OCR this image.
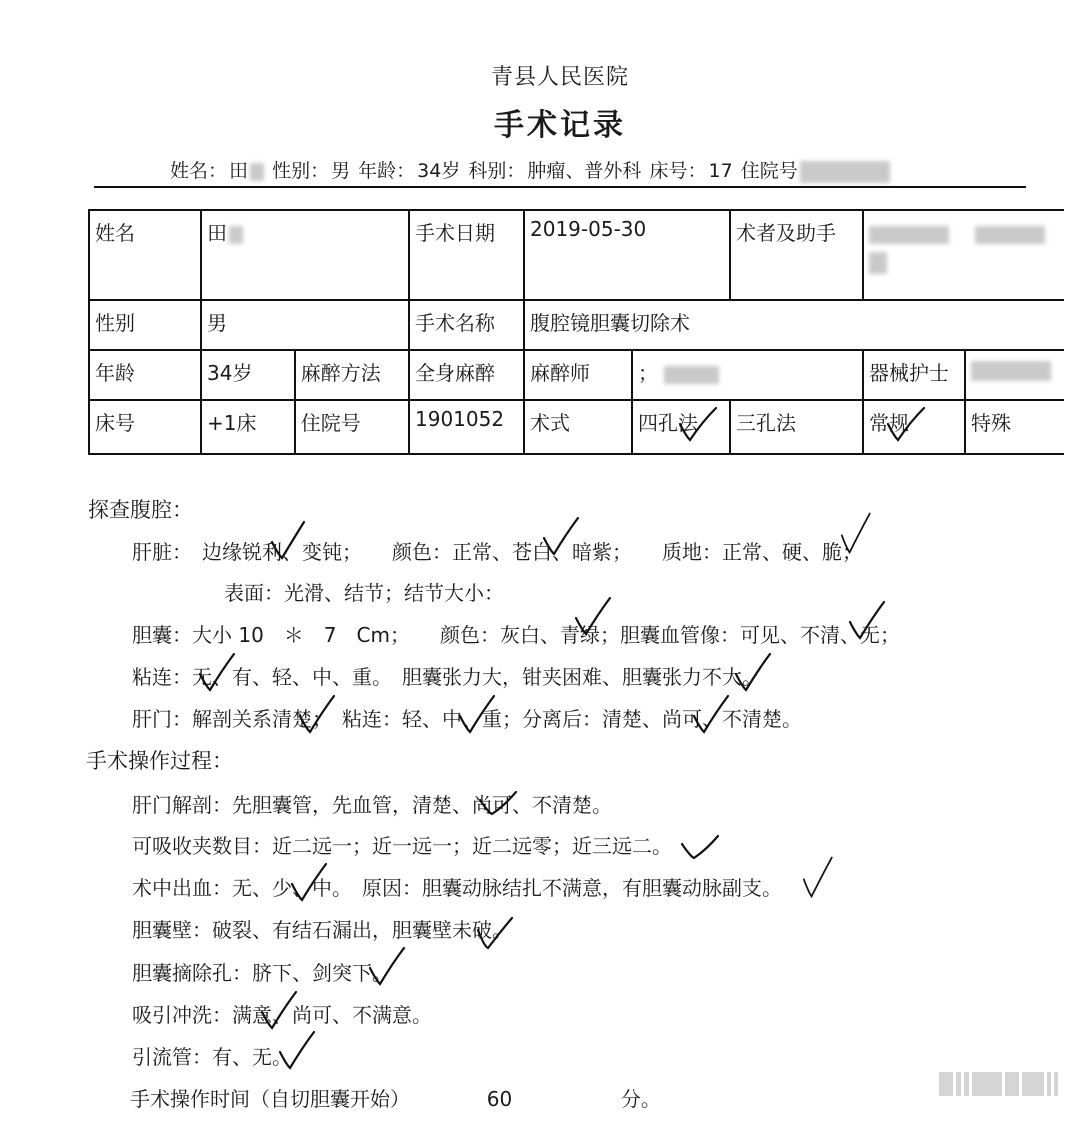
青县人民医院
手术记录
姓名： 田 性别： 男 年龄： 34岁 科别： 肿瘤、普外科 床号： 17 住院号
姓名	田		手术日期	2019-05-30		术者及助手		
性别	男		手术名称	腹腔镜胆囊切除术				
年龄	34岁	麻醉方法	全身麻醉	麻醉师	；		器械护士	
床号	+1床	住院号	1901052	术式	四孔法	三孔法	常规	特殊
探查腹腔：
肝脏：　边缘锐利、变钝；　　颜色：正常、苍白、暗紫；　　质地：正常、硬、脆；
表面：光滑、结节；结节大小：
胆囊：大小 10　＊　7　Cm；　　颜色：灰白、青绿；胆囊血管像：可见、不清、无；
粘连：无、有、轻、中、重。　胆囊张力大，钳夹困难、胆囊张力不大。
肝门：解剖关系清楚；　粘连：轻、中、重；分离后：清楚、尚可、不清楚。
手术操作过程：
肝门解剖：先胆囊管，先血管，清楚、尚可、不清楚。
可吸收夹数目：近二远一；近一远一；近二远零；近三远二。
术中出血：无、少、中。　原因：胆囊动脉结扎不满意，有胆囊动脉副支。
胆囊壁：破裂、有结石漏出，胆囊壁未破。
胆囊摘除孔：脐下、剑突下。
吸引冲洗：满意、尚可、不满意。
引流管：有、无。
手术操作时间（自切胆囊开始）	60	分。
